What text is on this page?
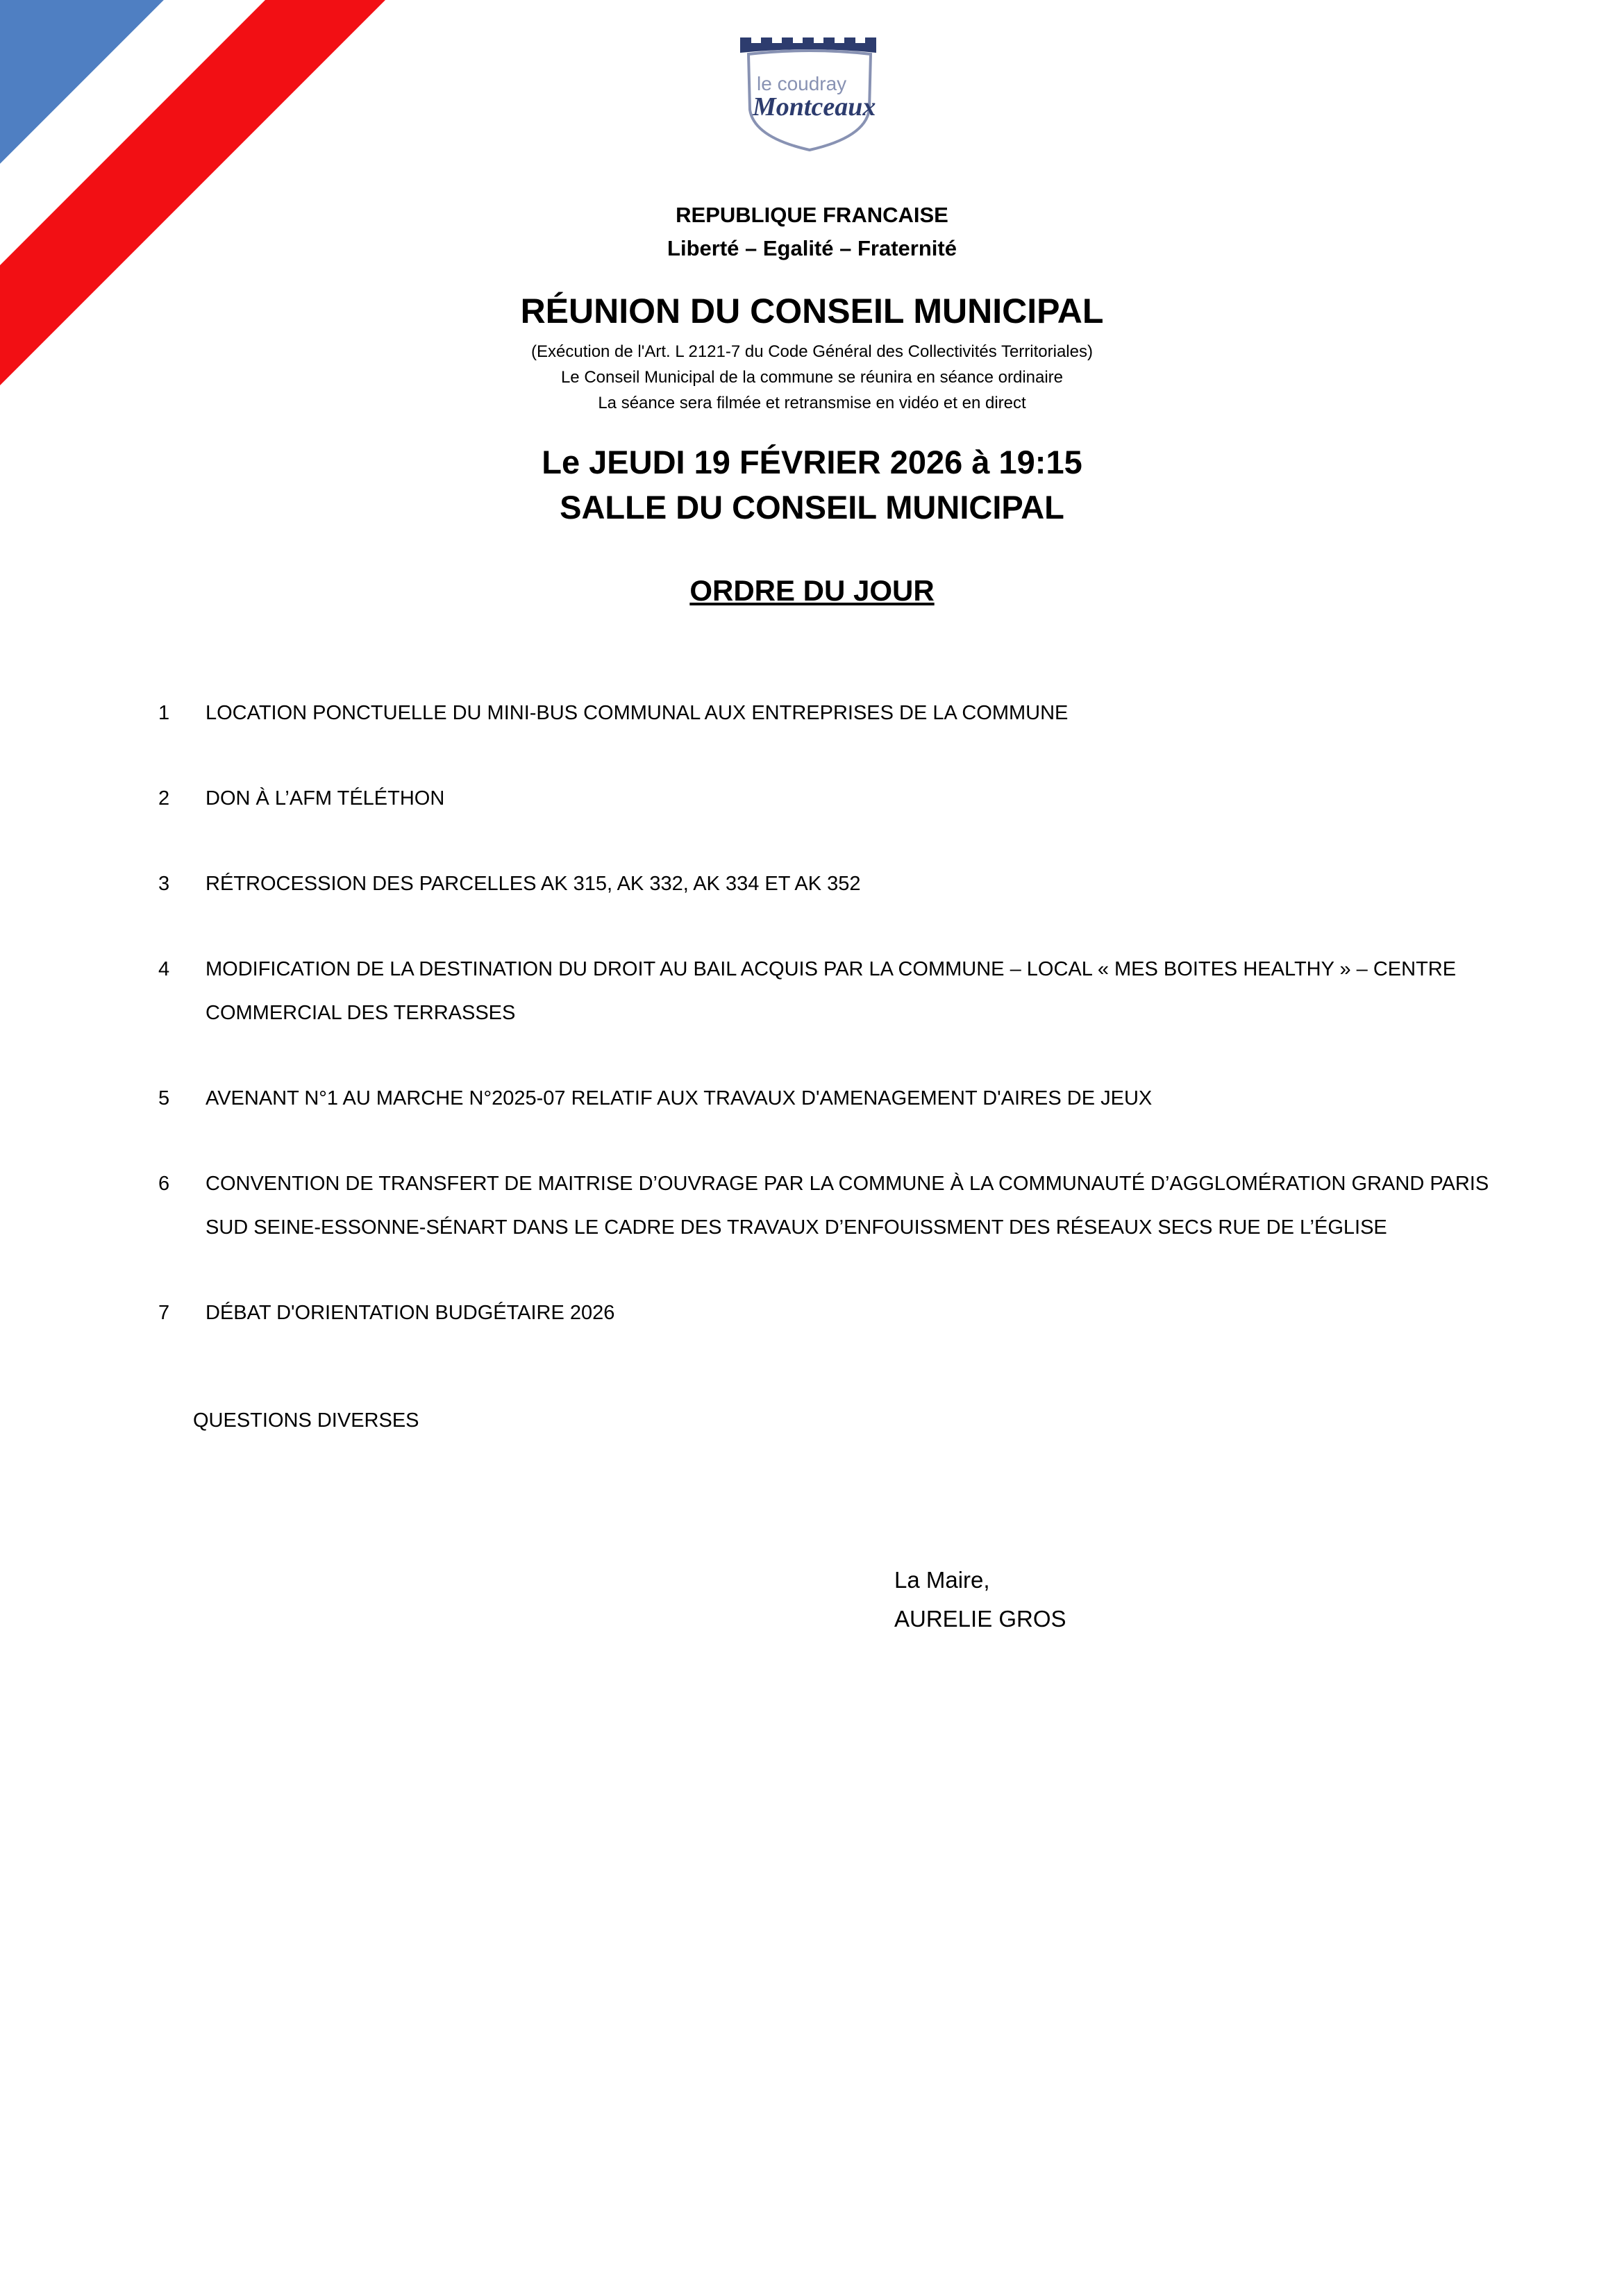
le coudray
Montceaux
REPUBLIQUE FRANCAISE
Liberté – Egalité – Fraternité
RÉUNION DU CONSEIL MUNICIPAL
(Exécution de l'Art. L 2121-7 du Code Général des Collectivités Territoriales)
Le Conseil Municipal de la commune se réunira en séance ordinaire
La séance sera filmée et retransmise en vidéo et en direct
Le JEUDI 19 FÉVRIER 2026 à 19:15
SALLE DU CONSEIL MUNICIPAL
ORDRE DU JOUR
1	LOCATION PONCTUELLE DU MINI-BUS COMMUNAL AUX ENTREPRISES DE LA COMMUNE
2	DON À L’AFM TÉLÉTHON
3	RÉTROCESSION DES PARCELLES AK 315, AK 332, AK 334 ET AK 352
4	MODIFICATION DE LA DESTINATION DU DROIT AU BAIL ACQUIS PAR LA COMMUNE – LOCAL « MES BOITES HEALTHY » – CENTRE COMMERCIAL DES TERRASSES
5	AVENANT N°1 AU MARCHE N°2025-07 RELATIF AUX TRAVAUX D'AMENAGEMENT D'AIRES DE JEUX
6	CONVENTION DE TRANSFERT DE MAITRISE D’OUVRAGE PAR LA COMMUNE À LA COMMUNAUTÉ D’AGGLOMÉRATION GRAND PARIS SUD SEINE-ESSONNE-SÉNART DANS LE CADRE DES TRAVAUX D’ENFOUISSMENT DES RÉSEAUX SECS RUE DE L’ÉGLISE
7	DÉBAT D'ORIENTATION BUDGÉTAIRE 2026
QUESTIONS DIVERSES
La Maire,
AURELIE GROS
